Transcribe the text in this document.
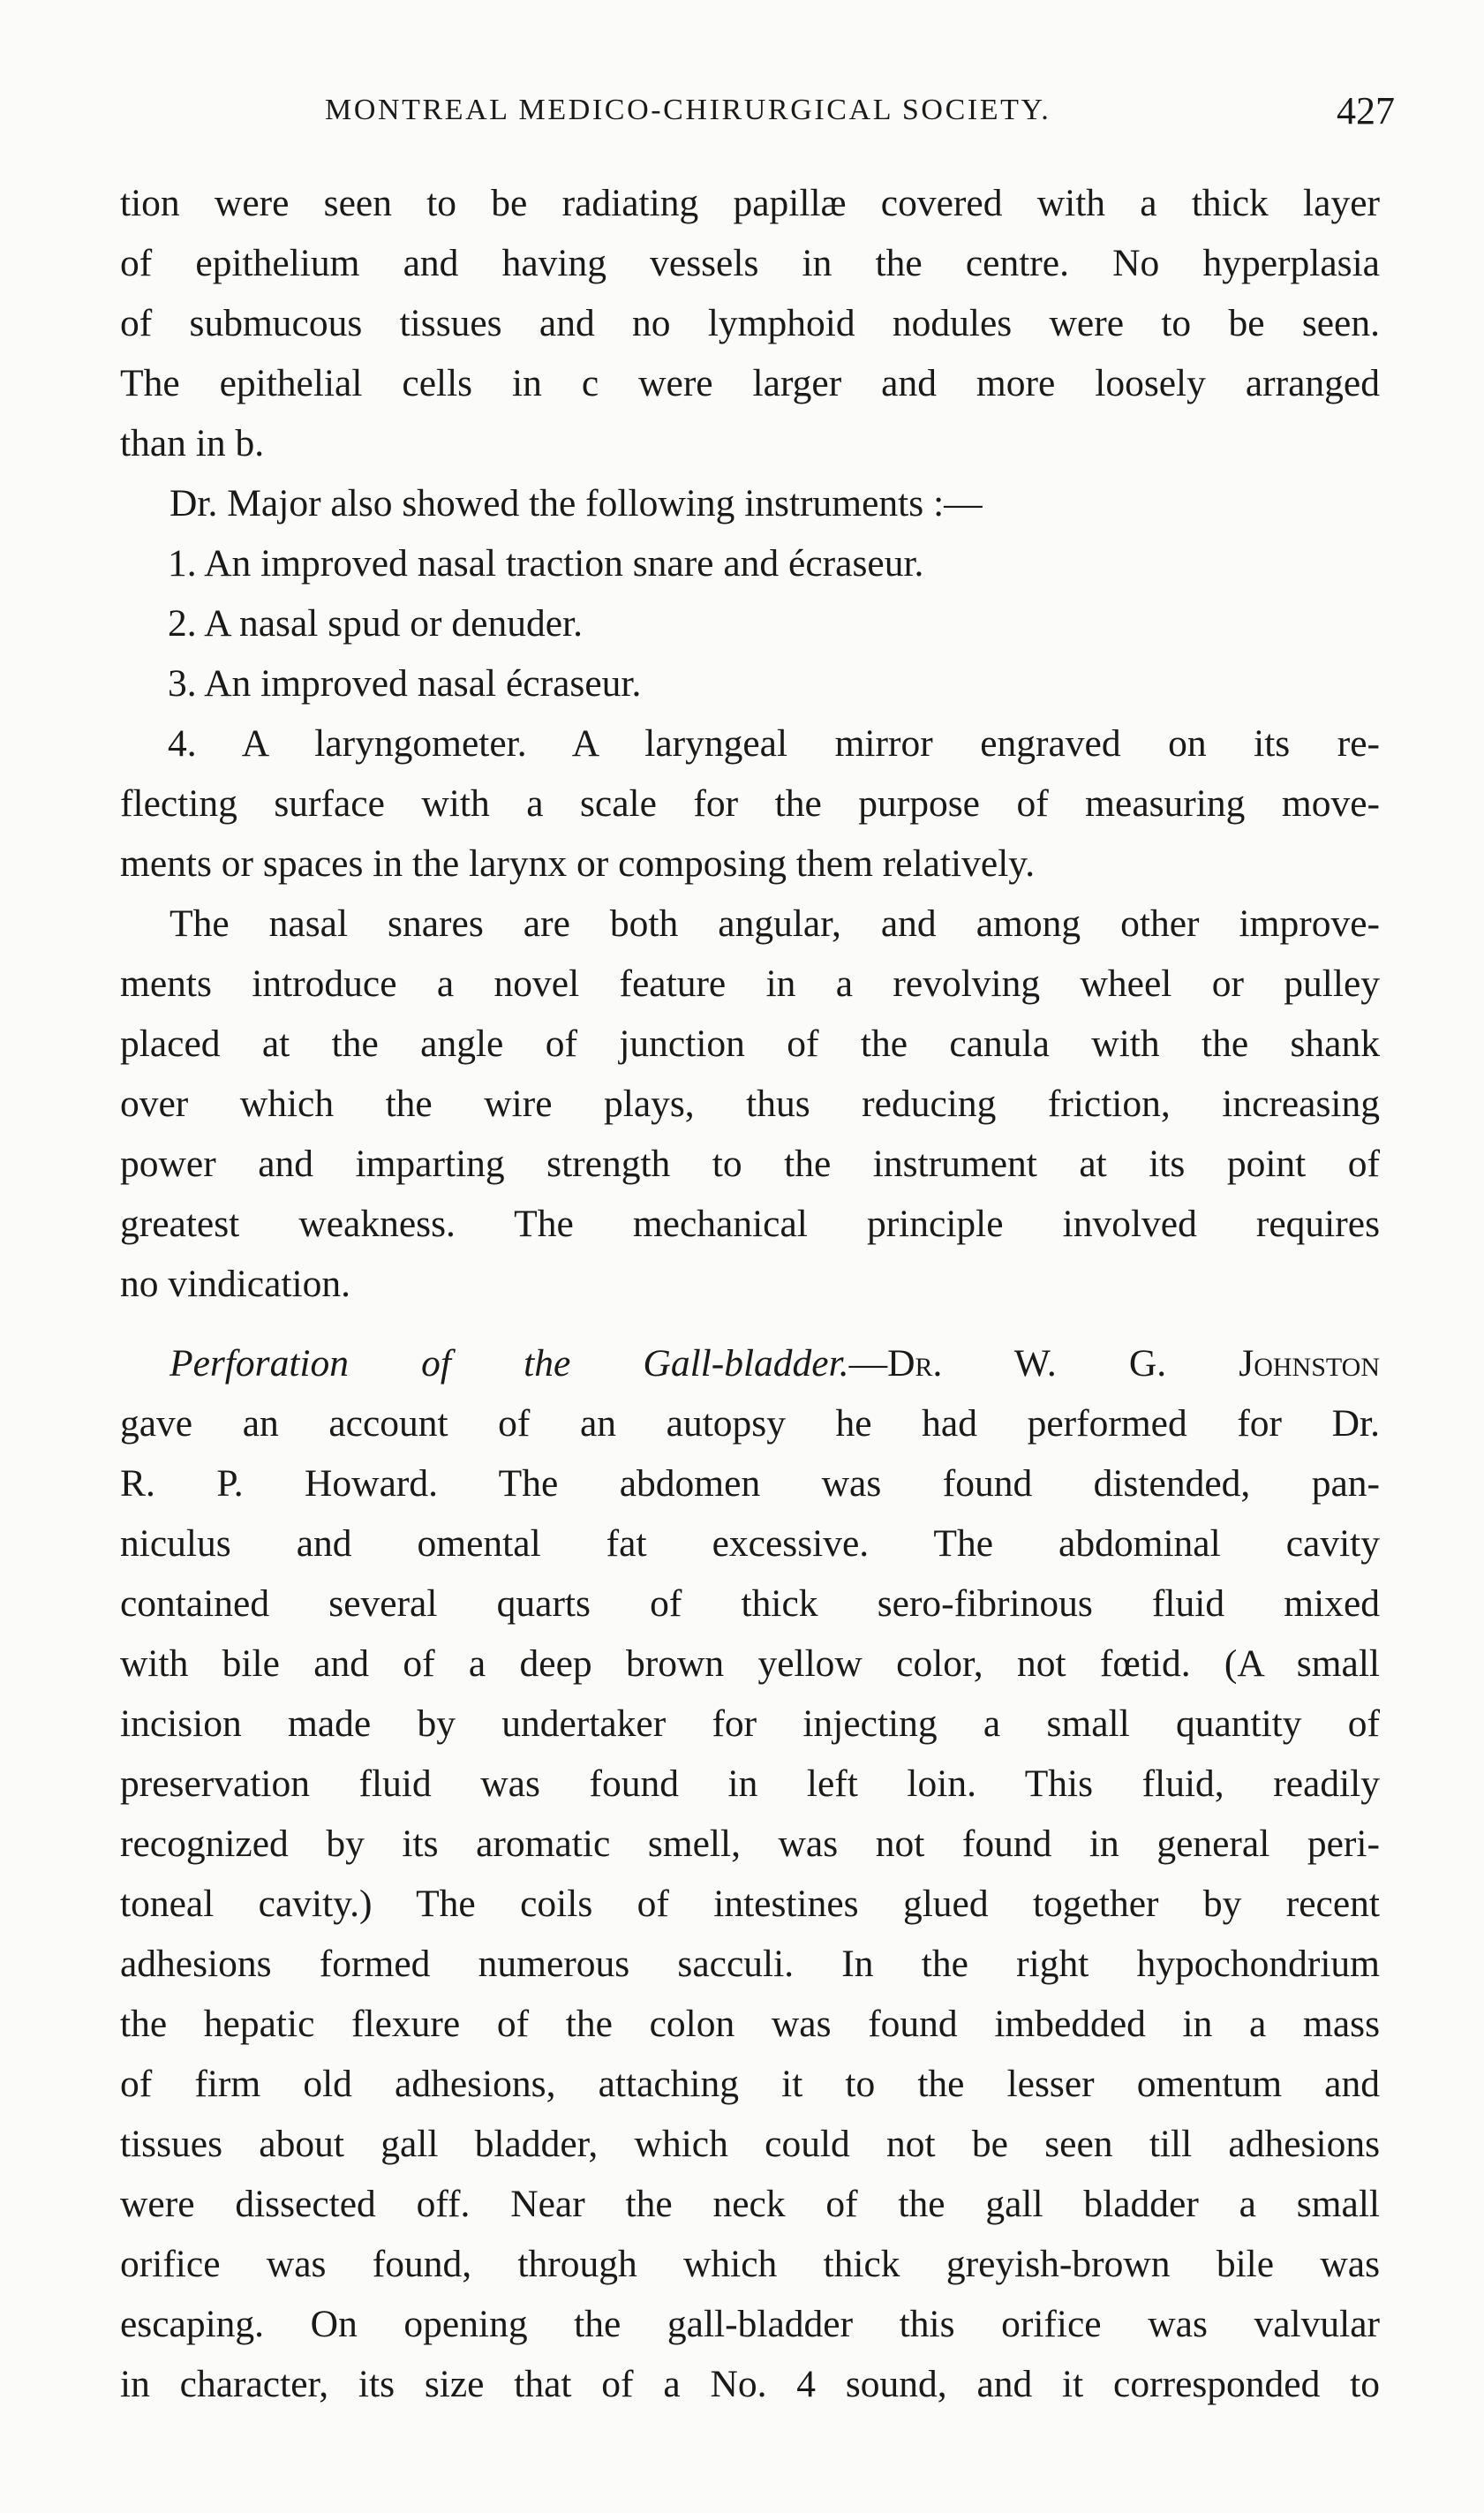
MONTREAL MEDICO-CHIRURGICAL SOCIETY.	427

tion were seen to be radiating papillæ covered with a thick layer

of epithelium and having vessels in the centre. No hyperplasia

of submucous tissues and no lymphoid nodules were to be seen.

The epithelial cells in c were larger and more loosely arranged

than in b.

Dr. Major also showed the following instruments :—

1. An improved nasal traction snare and écraseur.

2. A nasal spud or denuder.

3. An improved nasal écraseur.

4. A laryngometer. A laryngeal mirror engraved on its re-

flecting surface with a scale for the purpose of measuring move-

ments or spaces in the larynx or composing them relatively.

The nasal snares are both angular, and among other improve-

ments introduce a novel feature in a revolving wheel or pulley

placed at the angle of junction of the canula with the shank

over which the wire plays, thus reducing friction, increasing

power and imparting strength to the instrument at its point of

greatest weakness. The mechanical principle involved requires

no vindication.

Perforation of the Gall-bladder.—Dr. W. G. Johnston

gave an account of an autopsy he had performed for Dr.

R. P. Howard. The abdomen was found distended, pan-

niculus and omental fat excessive. The abdominal cavity

contained several quarts of thick sero-fibrinous fluid mixed

with bile and of a deep brown yellow color, not fœtid. (A small

incision made by undertaker for injecting a small quantity of

preservation fluid was found in left loin. This fluid, readily

recognized by its aromatic smell, was not found in general peri-

toneal cavity.) The coils of intestines glued together by recent

adhesions formed numerous sacculi. In the right hypochondrium

the hepatic flexure of the colon was found imbedded in a mass

of firm old adhesions, attaching it to the lesser omentum and

tissues about gall bladder, which could not be seen till adhesions

were dissected off. Near the neck of the gall bladder a small

orifice was found, through which thick greyish-brown bile was

escaping. On opening the gall-bladder this orifice was valvular

in character, its size that of a No. 4 sound, and it corresponded to
